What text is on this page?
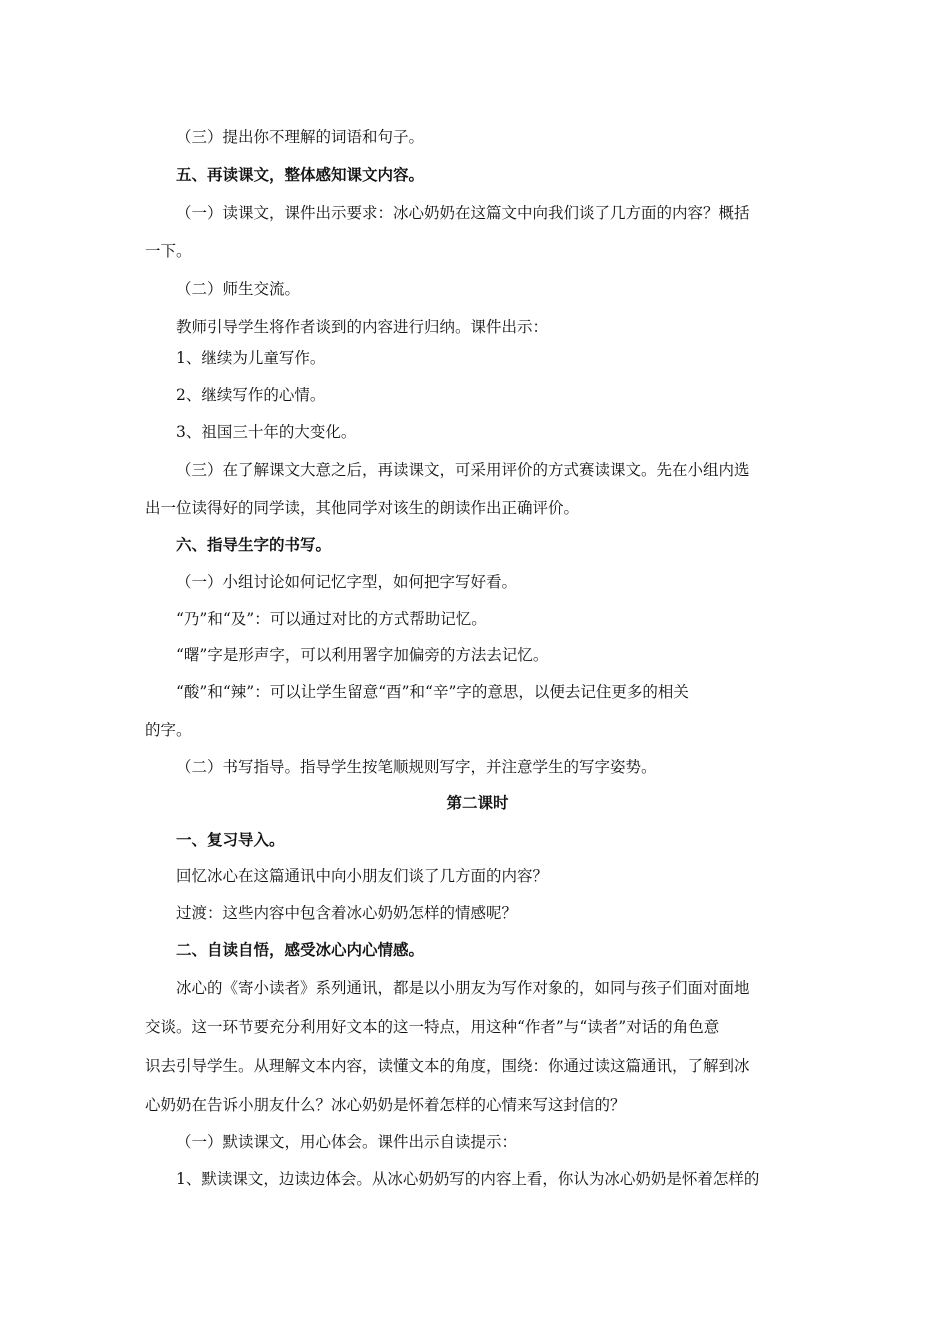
（三）提出你不理解的词语和句子。
五、再读课文，整体感知课文内容。
（一）读课文，课件出示要求：冰心奶奶在这篇文中向我们谈了几方面的内容？概括
一下。
（二）师生交流。
教师引导学生将作者谈到的内容进行归纳。课件出示：
1、继续为儿童写作。
2、继续写作的心情。
3、祖国三十年的大变化。
（三）在了解课文大意之后，再读课文，可采用评价的方式赛读课文。先在小组内选
出一位读得好的同学读，其他同学对该生的朗读作出正确评价。
六、指导生字的书写。
（一）小组讨论如何记忆字型，如何把字写好看。
“乃”和“及”：可以通过对比的方式帮助记忆。
“曙”字是形声字，可以利用署字加偏旁的方法去记忆。
“酸”和“辣”：可以让学生留意“酉”和“辛”字的意思，以便去记住更多的相关
的字。
（二）书写指导。指导学生按笔顺规则写字，并注意学生的写字姿势。
第二课时
一、复习导入。
回忆冰心在这篇通讯中向小朋友们谈了几方面的内容？
过渡：这些内容中包含着冰心奶奶怎样的情感呢？
二、自读自悟，感受冰心内心情感。
冰心的《寄小读者》系列通讯，都是以小朋友为写作对象的，如同与孩子们面对面地
交谈。这一环节要充分利用好文本的这一特点，用这种“作者”与“读者”对话的角色意
识去引导学生。从理解文本内容，读懂文本的角度，围绕：你通过读这篇通讯，了解到冰
心奶奶在告诉小朋友什么？冰心奶奶是怀着怎样的心情来写这封信的？
（一）默读课文，用心体会。课件出示自读提示：
1、默读课文，边读边体会。从冰心奶奶写的内容上看，你认为冰心奶奶是怀着怎样的
